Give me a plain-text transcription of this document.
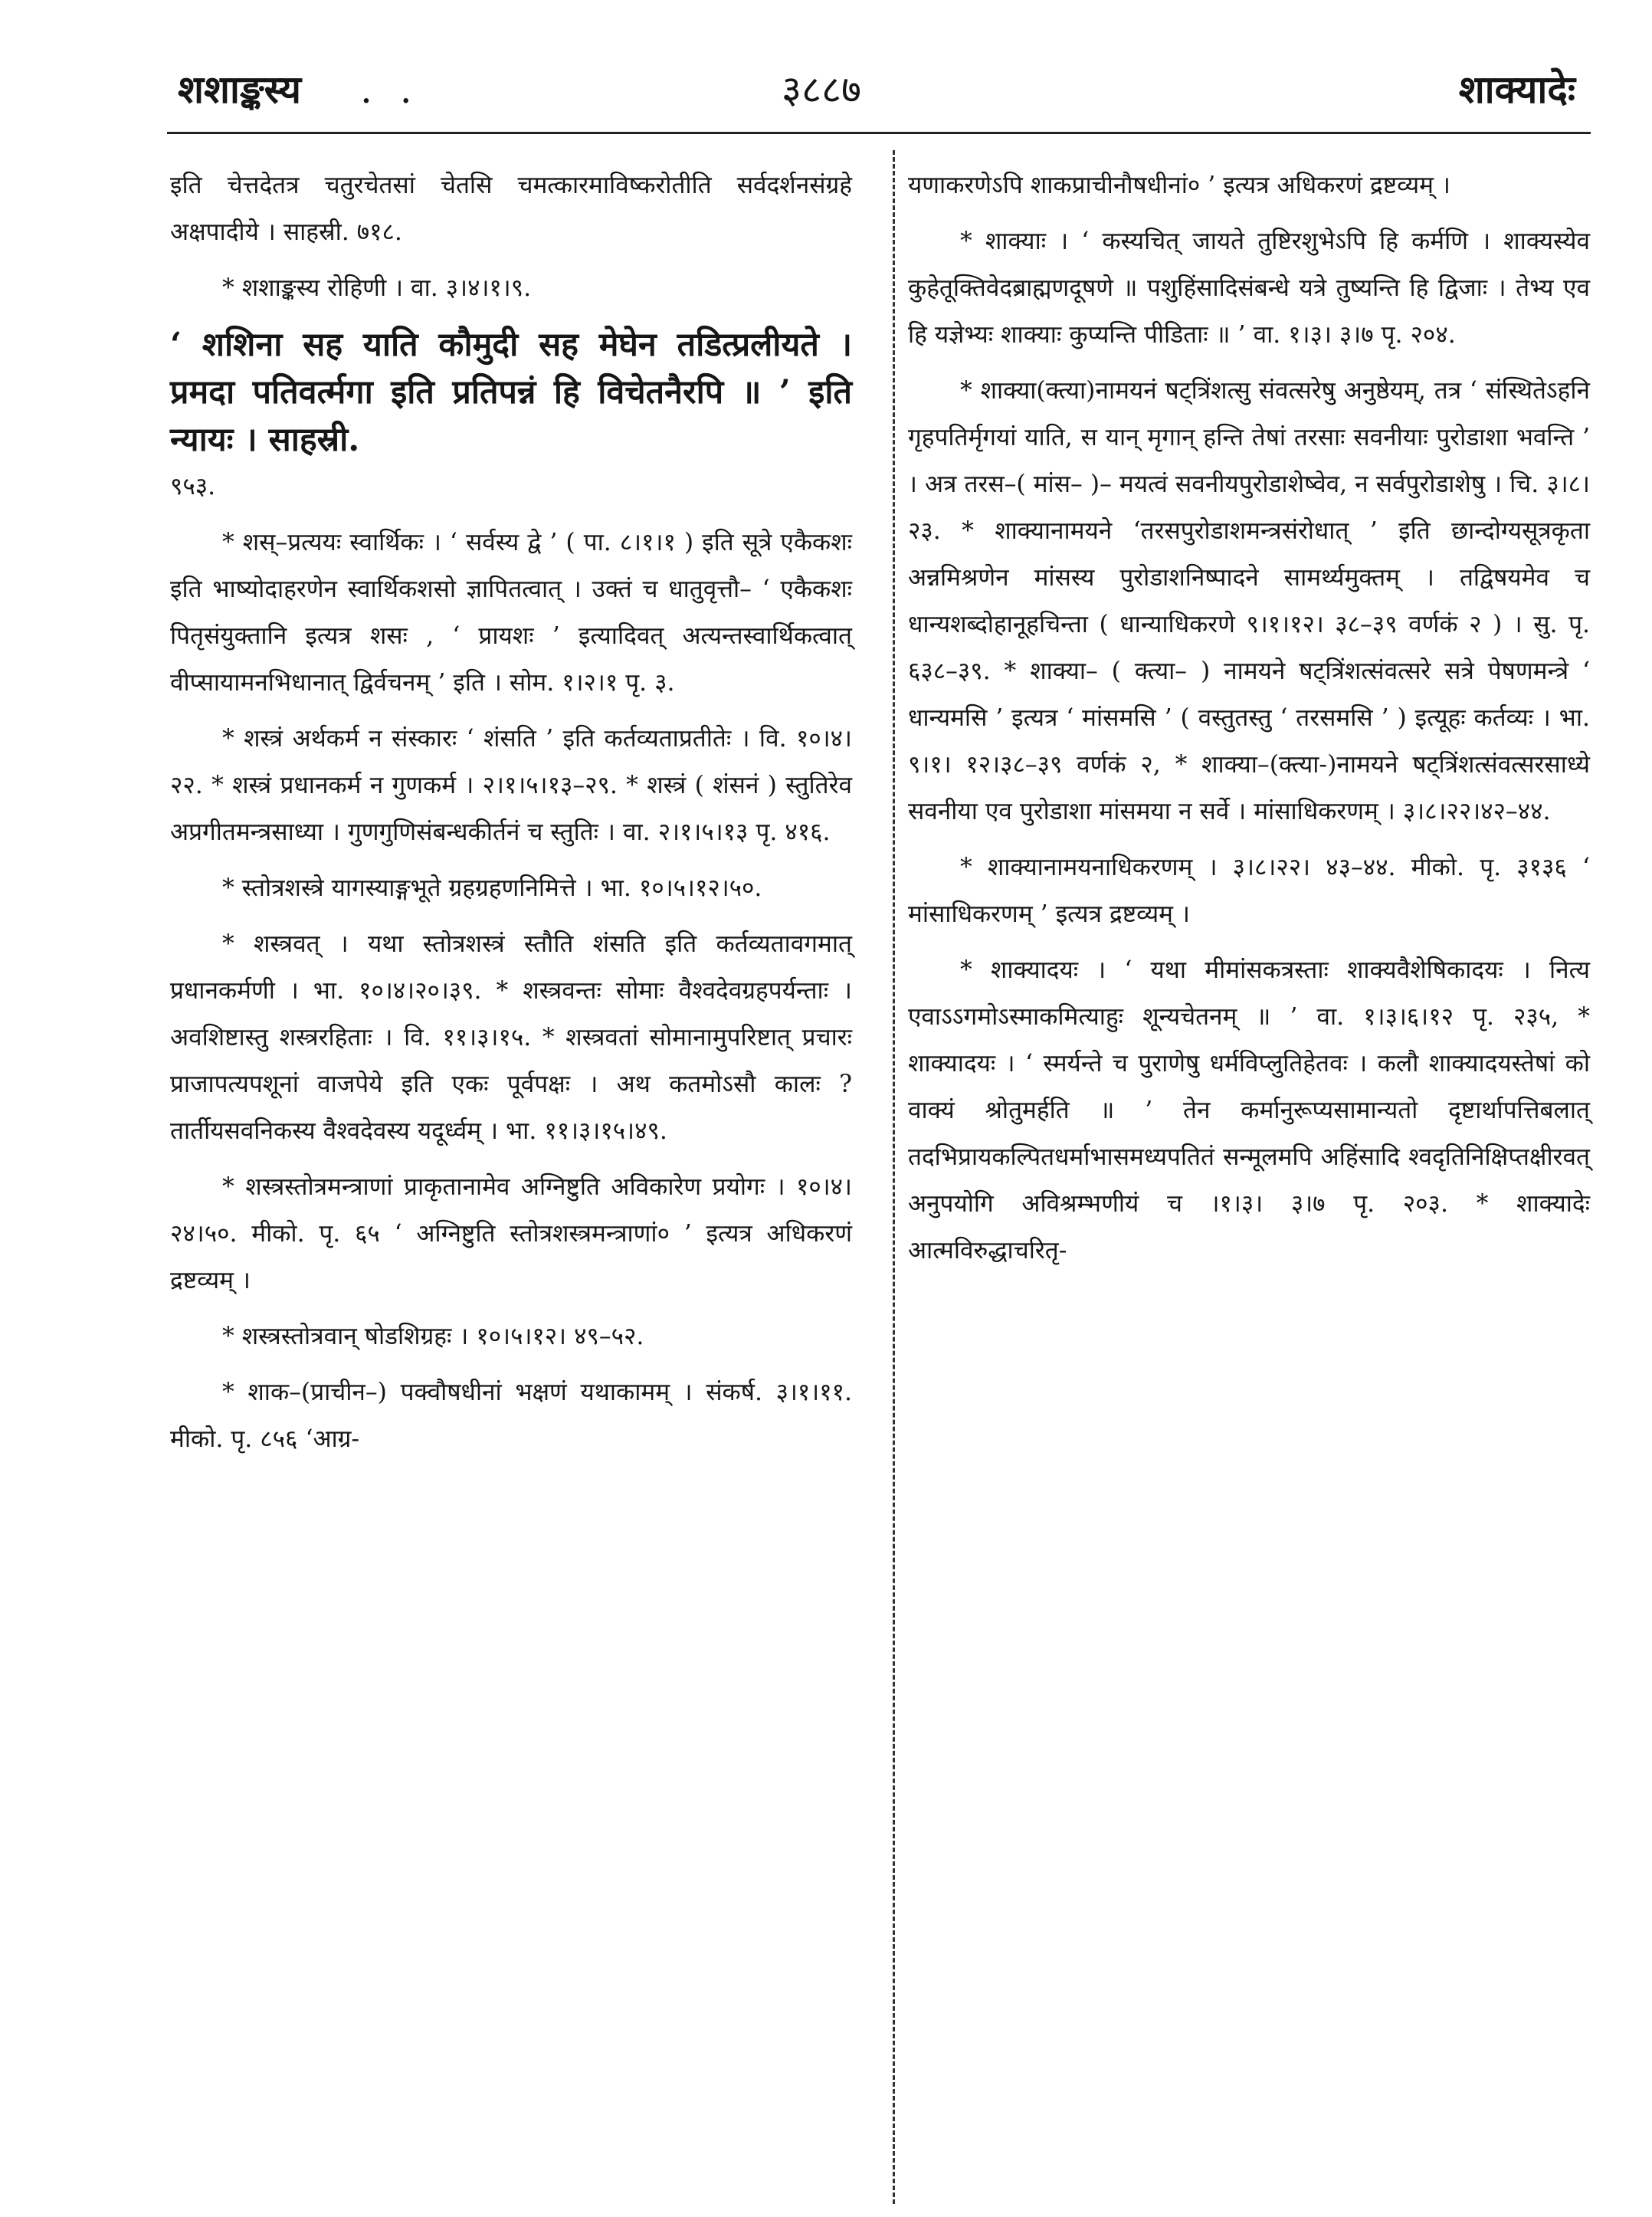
शशाङ्कस्य . .	३८८७	शाक्यादेः

इति चेत्तदेतत्र चतुरचेतसां चेतसि चमत्कारमाविष्करोतीति सर्वदर्शनसंग्रहे अक्षपादीये । साहस्री. ७१८.

* शशाङ्कस्य रोहिणी । वा. ३।४।१।९.

‘ शशिना सह याति कौमुदी सह मेघेन तडित्प्रलीयते । प्रमदा पतिवर्त्मगा इति प्रतिपन्नं हि विचेतनैरपि ॥ ’ इति न्यायः । साहस्री.

९५३.

* शस्–प्रत्ययः स्वार्थिकः । ‘ सर्वस्य द्वे ’ ( पा. ८।१।१ ) इति सूत्रे एकैकशः इति भाष्योदाहरणेन स्वार्थिकशसो ज्ञापितत्वात् । उक्तं च धातुवृत्तौ– ‘ एकैकशः पितृसंयुक्तानि इत्यत्र शसः , ‘ प्रायशः ’ इत्यादिवत् अत्यन्तस्वार्थिकत्वात् वीप्सायामनभिधानात् द्विर्वचनम् ’ इति । सोम. १।२।१ पृ. ३.

* शस्त्रं अर्थकर्म न संस्कारः ‘ शंसति ’ इति कर्तव्यताप्रतीतेः । वि. १०।४।२२. * शस्त्रं प्रधानकर्म न गुणकर्म । २।१।५।१३–२९. * शस्त्रं ( शंसनं ) स्तुतिरेव अप्रगीतमन्त्रसाध्या । गुणगुणिसंबन्धकीर्तनं च स्तुतिः । वा. २।१।५।१३ पृ. ४१६.

* स्तोत्रशस्त्रे यागस्याङ्गभूते ग्रहग्रहणनिमित्ते । भा. १०।५।१२।५०.

* शस्त्रवत् । यथा स्तोत्रशस्त्रं स्तौति शंसति इति कर्तव्यतावगमात् प्रधानकर्मणी । भा. १०।४।२०।३९. * शस्त्रवन्तः सोमाः वैश्वदेवग्रहपर्यन्ताः । अवशिष्टास्तु शस्त्ररहिताः । वि. ११।३।१५. * शस्त्रवतां सोमानामुपरिष्टात् प्रचारः प्राजापत्यपशूनां वाजपेये इति एकः पूर्वपक्षः । अथ कतमोऽसौ कालः ? तार्तीयसवनिकस्य वैश्वदेवस्य यदूर्ध्वम् । भा. ११।३।१५।४९.

* शस्त्रस्तोत्रमन्त्राणां प्राकृतानामेव अग्निष्टुति अविकारेण प्रयोगः । १०।४।२४।५०. मीको. पृ. ६५ ‘ अग्निष्टुति स्तोत्रशस्त्रमन्त्राणां० ’ इत्यत्र अधिकरणं द्रष्टव्यम् ।

* शस्त्रस्तोत्रवान् षोडशिग्रहः । १०।५।१२। ४९–५२.

* शाक–(प्राचीन–) पक्वौषधीनां भक्षणं यथाकामम् । संकर्ष. ३।१।११. मीको. पृ. ८५६ ‘आग्र-

यणाकरणेऽपि शाकप्राचीनौषधीनां० ’ इत्यत्र अधिकरणं द्रष्टव्यम् ।

* शाक्याः । ‘ कस्यचित् जायते तुष्टिरशुभेऽपि हि कर्मणि । शाक्यस्येव कुहेतूक्तिवेदब्राह्मणदूषणे ॥ पशुहिंसादिसंबन्धे यत्रे तुष्यन्ति हि द्विजाः । तेभ्य एव हि यज्ञेभ्यः शाक्याः कुप्यन्ति पीडिताः ॥ ’ वा. १।३। ३।७ पृ. २०४.

* शाक्या(क्त्या)नामयनं षट्त्रिंशत्सु संवत्सरेषु अनुष्ठेयम्, तत्र ‘ संस्थितेऽहनि गृहपतिर्मृगयां याति, स यान् मृगान् हन्ति तेषां तरसाः सवनीयाः पुरोडाशा भवन्ति ’ । अत्र तरस–( मांस– )– मयत्वं सवनीयपुरोडाशेष्वेव, न सर्वपुरोडाशेषु । चि. ३।८।२३. * शाक्यानामयने ‘तरसपुरोडाशमन्त्रसंरोधात् ’ इति छान्दोग्यसूत्रकृता अन्नमिश्रणेन मांसस्य पुरोडाशनिष्पादने सामर्थ्यमुक्तम् । तद्विषयमेव च धान्यशब्दोहानूहचिन्ता ( धान्याधिकरणे ९।१।१२। ३८–३९ वर्णकं २ ) । सु. पृ. ६३८–३९. * शाक्या– ( क्त्या– ) नामयने षट्त्रिंशत्संवत्सरे सत्रे पेषणमन्त्रे ‘ धान्यमसि ’ इत्यत्र ‘ मांसमसि ’ ( वस्तुतस्तु ‘ तरसमसि ’ ) इत्यूहः कर्तव्यः । भा. ९।१। १२।३८–३९ वर्णकं २, * शाक्या–(क्त्या-)नामयने षट्त्रिंशत्संवत्सरसाध्ये सवनीया एव पुरोडाशा मांसमया न सर्वे । मांसाधिकरणम् । ३।८।२२।४२–४४.

* शाक्यानामयनाधिकरणम् । ३।८।२२। ४३–४४. मीको. पृ. ३१३६ ‘ मांसाधिकरणम् ’ इत्यत्र द्रष्टव्यम् ।

* शाक्यादयः । ‘ यथा मीमांसकत्रस्ताः शाक्यवैशेषिकादयः । नित्य एवाऽऽगमोऽस्माकमित्याहुः शून्यचेतनम् ॥ ’ वा. १।३।६।१२ पृ. २३५, * शाक्यादयः । ‘ स्मर्यन्ते च पुराणेषु धर्मविप्लुतिहेतवः । कलौ शाक्यादयस्तेषां को वाक्यं श्रोतुमर्हति ॥ ’ तेन कर्मानुरूप्यसामान्यतो दृष्टार्थापत्तिबलात् तदभिप्रायकल्पितधर्माभासमध्यपतितं सन्मूलमपि अहिंसादि श्वदृतिनिक्षिप्तक्षीरवत् अनुपयोगि अविश्रम्भणीयं च ।१।३। ३।७ पृ. २०३. * शाक्यादेः आत्मविरुद्धाचरितृ-
